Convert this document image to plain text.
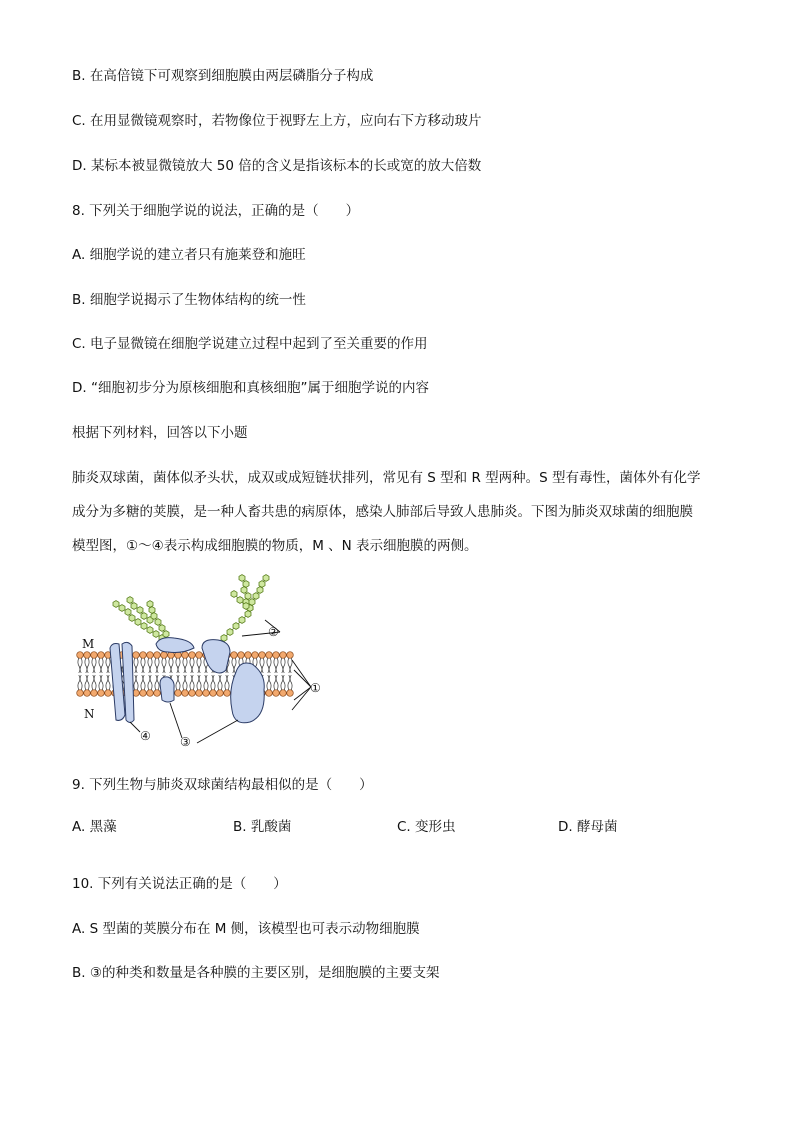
B. 在高倍镜下可观察到细胞膜由两层磷脂分子构成
C. 在用显微镜观察时，若物像位于视野左上方，应向右下方移动玻片
D. 某标本被显微镜放大 50 倍的含义是指该标本的长或宽的放大倍数
8. 下列关于细胞学说的说法，正确的是（　　）
A. 细胞学说的建立者只有施莱登和施旺
B. 细胞学说揭示了生物体结构的统一性
C. 电子显微镜在细胞学说建立过程中起到了至关重要的作用
D. “细胞初步分为原核细胞和真核细胞”属于细胞学说的内容
根据下列材料，回答以下小题
肺炎双球菌，菌体似矛头状，成双或成短链状排列，常见有 S 型和 R 型两种。S 型有毒性，菌体外有化学
成分为多糖的荚膜，是一种人畜共患的病原体，感染人肺部后导致人患肺炎。下图为肺炎双球菌的细胞膜
模型图，①～④表示构成细胞膜的物质，M 、N 表示细胞膜的两侧。
M
N
①
②
③
④
9. 下列生物与肺炎双球菌结构最相似的是（　　）
A. 黑藻	B. 乳酸菌	C. 变形虫	D. 酵母菌
10. 下列有关说法正确的是（　　）
A. S 型菌的荚膜分布在 M 侧，该模型也可表示动物细胞膜
B. ③的种类和数量是各种膜的主要区别，是细胞膜的主要支架
